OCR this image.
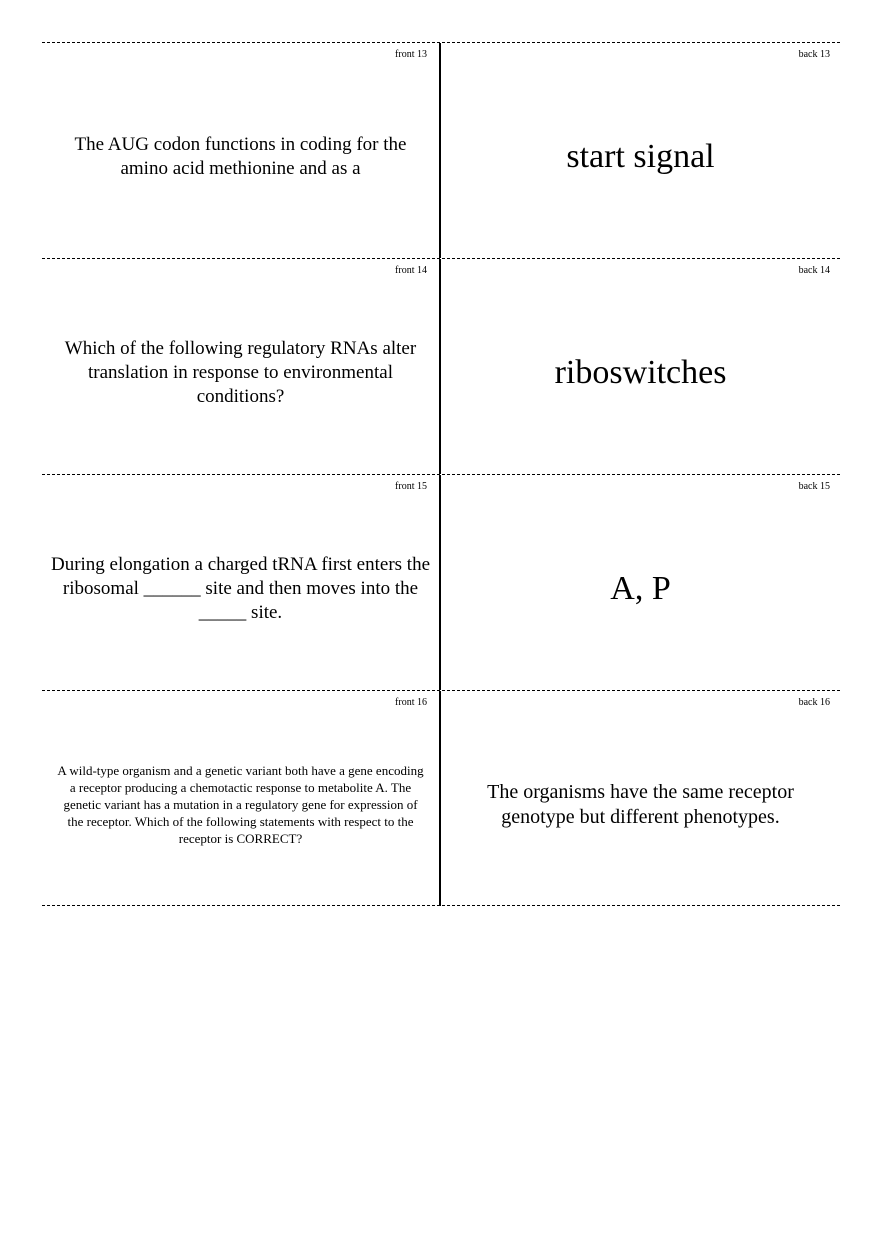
front 13
The AUG codon functions in coding for the amino acid methionine and as a
back 13
start signal
front 14
Which of the following regulatory RNAs alter translation in response to environmental conditions?
back 14
riboswitches
front 15
During elongation a charged tRNA first enters the ribosomal ______ site and then moves into the _____ site.
back 15
A, P
front 16
A wild-type organism and a genetic variant both have a gene encoding a receptor producing a chemotactic response to metabolite A. The genetic variant has a mutation in a regulatory gene for expression of the receptor. Which of the following statements with respect to the receptor is CORRECT?
back 16
The organisms have the same receptor genotype but different phenotypes.
